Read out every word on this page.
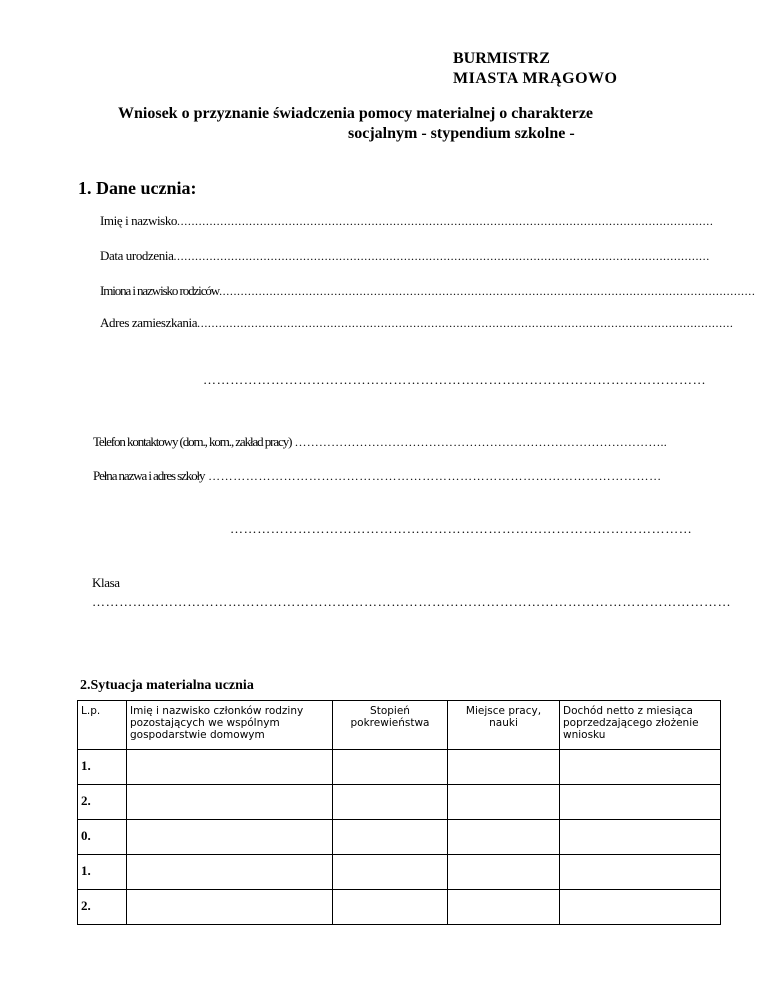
BURMISTRZ
MIASTA MRĄGOWO
Wniosek o przyznanie świadczenia pomocy materialnej o charakterze
socjalnym - stypendium szkolne -
1. Dane ucznia:
Imię i nazwisko.....................................................................................................................................................
Data urodzenia.....................................................................................................................................................
Imiona i nazwisko rodziców.....................................................................................................................................................
Adres zamieszkania.....................................................................................................................................................
…………………………………………………………………………………………………
Telefon kontaktowy (dom., kom., zakład pracy) ………………………………………………………………………………..
Pełna nazwa i adres szkoły ………………………………………………………………………………………………
…………………………………………………………………………………………
Klasa
……………………………………………………………………………………………………………………………
2.Sytuacja materialna ucznia
L.p.	Imię i nazwisko członków rodziny pozostających we wspólnym gospodarstwie domowym	Stopień pokrewieństwa	Miejsce pracy, nauki	Dochód netto z miesiąca poprzedzającego złożenie wniosku
1.				
2.				
0.				
1.				
2.				
